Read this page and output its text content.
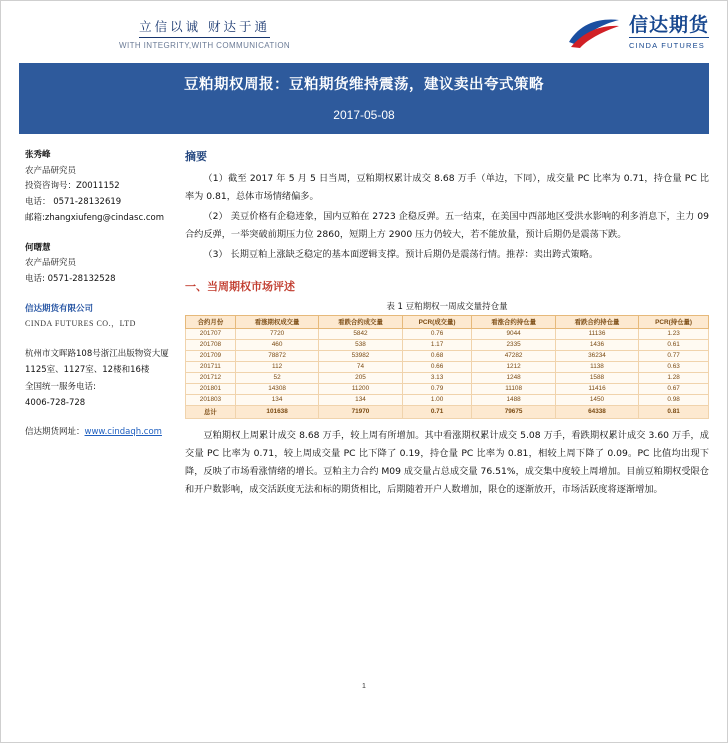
立信以诚 财达于通
WITH INTEGRITY,WITH COMMUNICATION
信达期货
CINDA FUTURES
豆粕期权周报：豆粕期货维持震荡，建议卖出夸式策略
2017-05-08
张秀峰
农产品研究员
投资咨询号：Z0011152
电话： 0571-28132619
邮箱:zhangxiufeng@cindasc.com
何曙慧
农产品研究员
电话: 0571-28132528
信达期货有限公司
CINDA FUTURES CO.，LTD
杭州市文晖路108号浙江出版物资大厦
1125室、1127室、12楼和16楼
全国统一服务电话:
4006-728-728
信达期货网址：www.cindaqh.com
摘要

（1）截至 2017 年 5 月 5 日当周，豆粕期权累计成交 8.68 万手（单边，下同），成交量 PC 比率为 0.71，持仓量 PC 比率为 0.81，总体市场情绪偏多。

（2） 美豆价格有企稳迹象，国内豆粕在 2723 企稳反弹。五一结束，在美国中西部地区受洪水影响的利多消息下，主力 09 合约反弹，一举突破前期压力位 2860，短期上方 2900 压力仍较大，若不能放量，预计后期仍是震荡下跌。

（3） 长期豆粕上涨缺乏稳定的基本面逻辑支撑。预计后期仍是震荡行情。推荐：卖出跨式策略。

一、当周期权市场评述
表 1 豆粕期权一周成交量持仓量
合约月份	看涨期权成交量	看跌合约成交量	PCR(成交量)	看涨合约持仓量	看跌合约持仓量	PCR(持仓量)
201707	7720	5842	0.76	9044	11136	1.23
201708	460	538	1.17	2335	1436	0.61
201709	78872	53982	0.68	47282	36234	0.77
201711	112	74	0.66	1212	1138	0.63
201712	52	205	3.13	1248	1588	1.28
201801	14308	11200	0.79	11108	11416	0.67
201803	134	134	1.00	1488	1450	0.98
总计	101638	71970	0.71	79675	64338	0.81

豆粕期权上周累计成交 8.68 万手，较上周有所增加。其中看涨期权累计成交 5.08 万手，看跌期权累计成交 3.60 万手，成交量 PC 比率为 0.71，较上周成交量 PC 比下降了 0.19，持仓量 PC 比率为 0.81，相较上周下降了 0.09。PC 比值均出现下降，反映了市场看涨情绪的增长。豆粕主力合约 M09 成交量占总成交量 76.51%，成交集中度较上周增加。目前豆粕期权受限仓和开户数影响，成交活跃度无法和标的期货相比，后期随着开户人数增加，限仓的逐渐放开，市场活跃度将逐渐增加。

1
